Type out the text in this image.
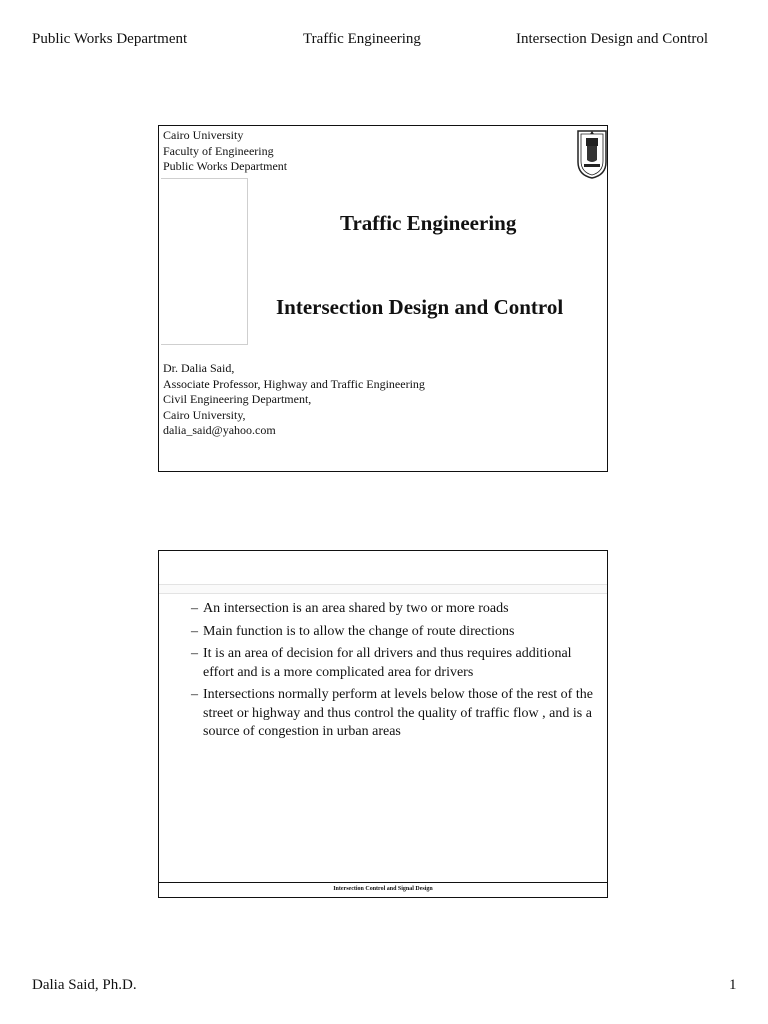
Public Works Department	Traffic Engineering	Intersection Design and Control
Cairo University
Faculty of Engineering
Public Works Department
Traffic Engineering
Intersection Design and Control
Dr. Dalia Said,
Associate Professor, Highway and Traffic Engineering
Civil Engineering Department,
Cairo University,
dalia_said@yahoo.com
– An intersection is an area shared by two or more roads
– Main function is to allow the change of route directions
– It is an area of decision for all drivers and thus requires additional effort and is a more complicated area for drivers
– Intersections normally perform at levels below those of the rest of the street or highway and thus control the quality of traffic flow , and is a source of congestion in urban areas
Intersection Control and Signal Design
Dalia Said, Ph.D.	1
